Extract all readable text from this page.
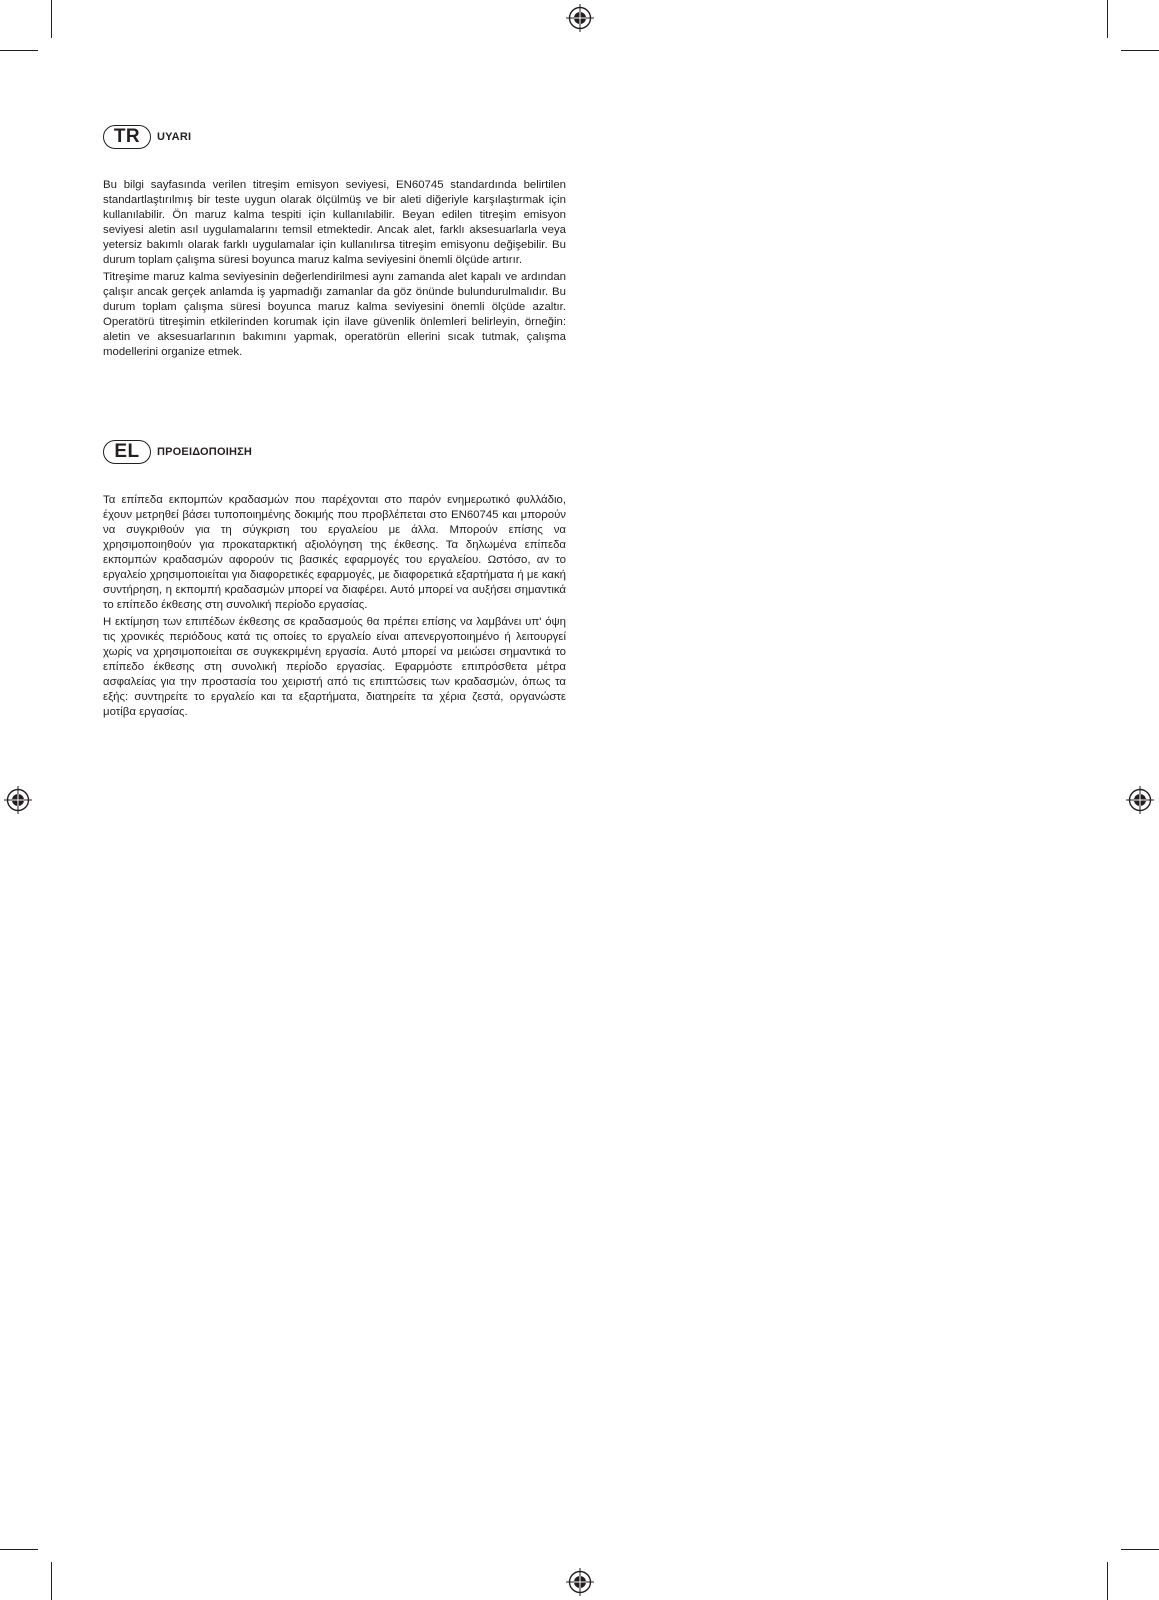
TR	UYARI

Bu bilgi sayfasında verilen titreşim emisyon seviyesi, EN60745 standardında belirtilen standartlaştırılmış bir teste uygun olarak ölçülmüş ve bir aleti diğeriyle karşılaştırmak için kullanılabilir. Ön maruz kalma tespiti için kullanılabilir. Beyan edilen titreşim emisyon seviyesi aletin asıl uygulamalarını temsil etmektedir. Ancak alet, farklı aksesuarlarla veya yetersiz bakımlı olarak farklı uygulamalar için kullanılırsa titreşim emisyonu değişebilir. Bu durum toplam çalışma süresi boyunca maruz kalma seviyesini önemli ölçüde artırır.

Titreşime maruz kalma seviyesinin değerlendirilmesi aynı zamanda alet kapalı ve ardından çalışır ancak gerçek anlamda iş yapmadığı zamanlar da göz önünde bulundurulmalıdır. Bu durum toplam çalışma süresi boyunca maruz kalma seviyesini önemli ölçüde azaltır. Operatörü titreşimin etkilerinden korumak için ilave güvenlik önlemleri belirleyin, örneğin: aletin ve aksesuarlarının bakımını yapmak, operatörün ellerini sıcak tutmak, çalışma modellerini organize etmek.

EL	ΠΡΟΕΙΔΟΠΟΙΗΣΗ

Τα επίπεδα εκπομπών κραδασμών που παρέχονται στο παρόν ενημερωτικό φυλλάδιο, έχουν μετρηθεί βάσει τυποποιημένης δοκιμής που προβλέπεται στο EN60745 και μπορούν να συγκριθούν για τη σύγκριση του εργαλείου με άλλα. Μπορούν επίσης να χρησιμοποιηθούν για προκαταρκτική αξιολόγηση της έκθεσης. Τα δηλωμένα επίπεδα εκπομπών κραδασμών αφορούν τις βασικές εφαρμογές του εργαλείου. Ωστόσο, αν το εργαλείο χρησιμοποιείται για διαφορετικές εφαρμογές, με διαφορετικά εξαρτήματα ή με κακή συντήρηση, η εκπομπή κραδασμών μπορεί να διαφέρει. Αυτό μπορεί να αυξήσει σημαντικά το επίπεδο έκθεσης στη συνολική περίοδο εργασίας.

Η εκτίμηση των επιπέδων έκθεσης σε κραδασμούς θα πρέπει επίσης να λαμβάνει υπ' όψη τις χρονικές περιόδους κατά τις οποίες το εργαλείο είναι απενεργοποιημένο ή λειτουργεί χωρίς να χρησιμοποιείται σε συγκεκριμένη εργασία. Αυτό μπορεί να μειώσει σημαντικά το επίπεδο έκθεσης στη συνολική περίοδο εργασίας. Εφαρμόστε επιπρόσθετα μέτρα ασφαλείας για την προστασία του χειριστή από τις επιπτώσεις των κραδασμών, όπως τα εξής: συντηρείτε το εργαλείο και τα εξαρτήματα, διατηρείτε τα χέρια ζεστά, οργανώστε μοτίβα εργασίας.
